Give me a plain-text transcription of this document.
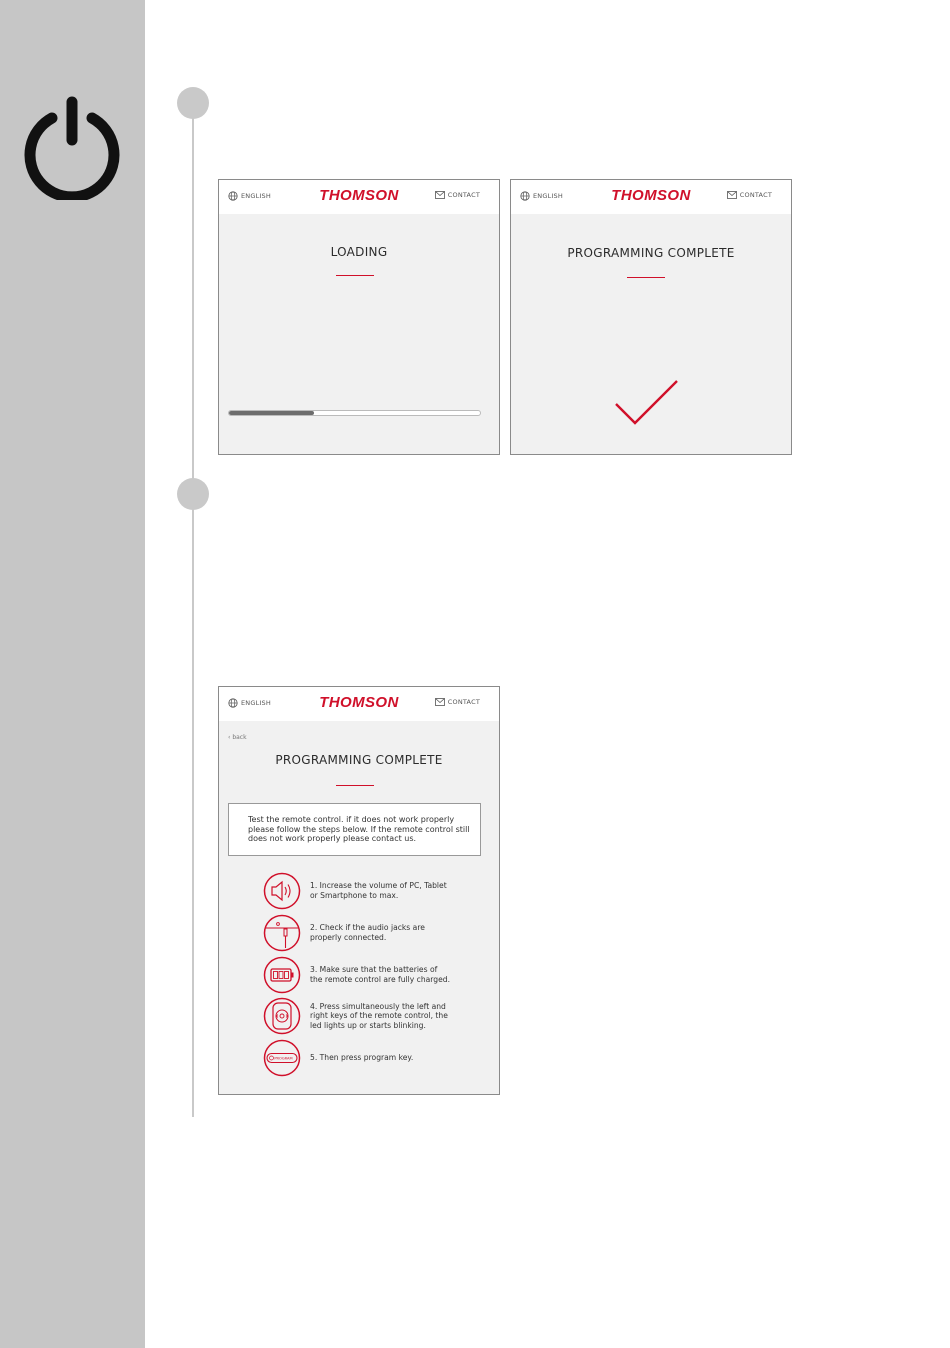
ENGLISH	THOMSON	CONTACT
LOADING
ENGLISH	THOMSON	CONTACT
PROGRAMMING COMPLETE
ENGLISH	THOMSON	CONTACT
‹ back
PROGRAMMING COMPLETE
Test the remote control. if it does not work properly please follow the steps below. If the remote control still does not work properly please contact us.
1. Increase the volume of PC, Tablet or Smartphone to max.
2. Check if the audio jacks are properly connected.
3. Make sure that the batteries of the remote control are fully charged.
4. Press simultaneously the left and right keys of the remote control, the led lights up or starts blinking.
PROGRAM 5. Then press program key.
